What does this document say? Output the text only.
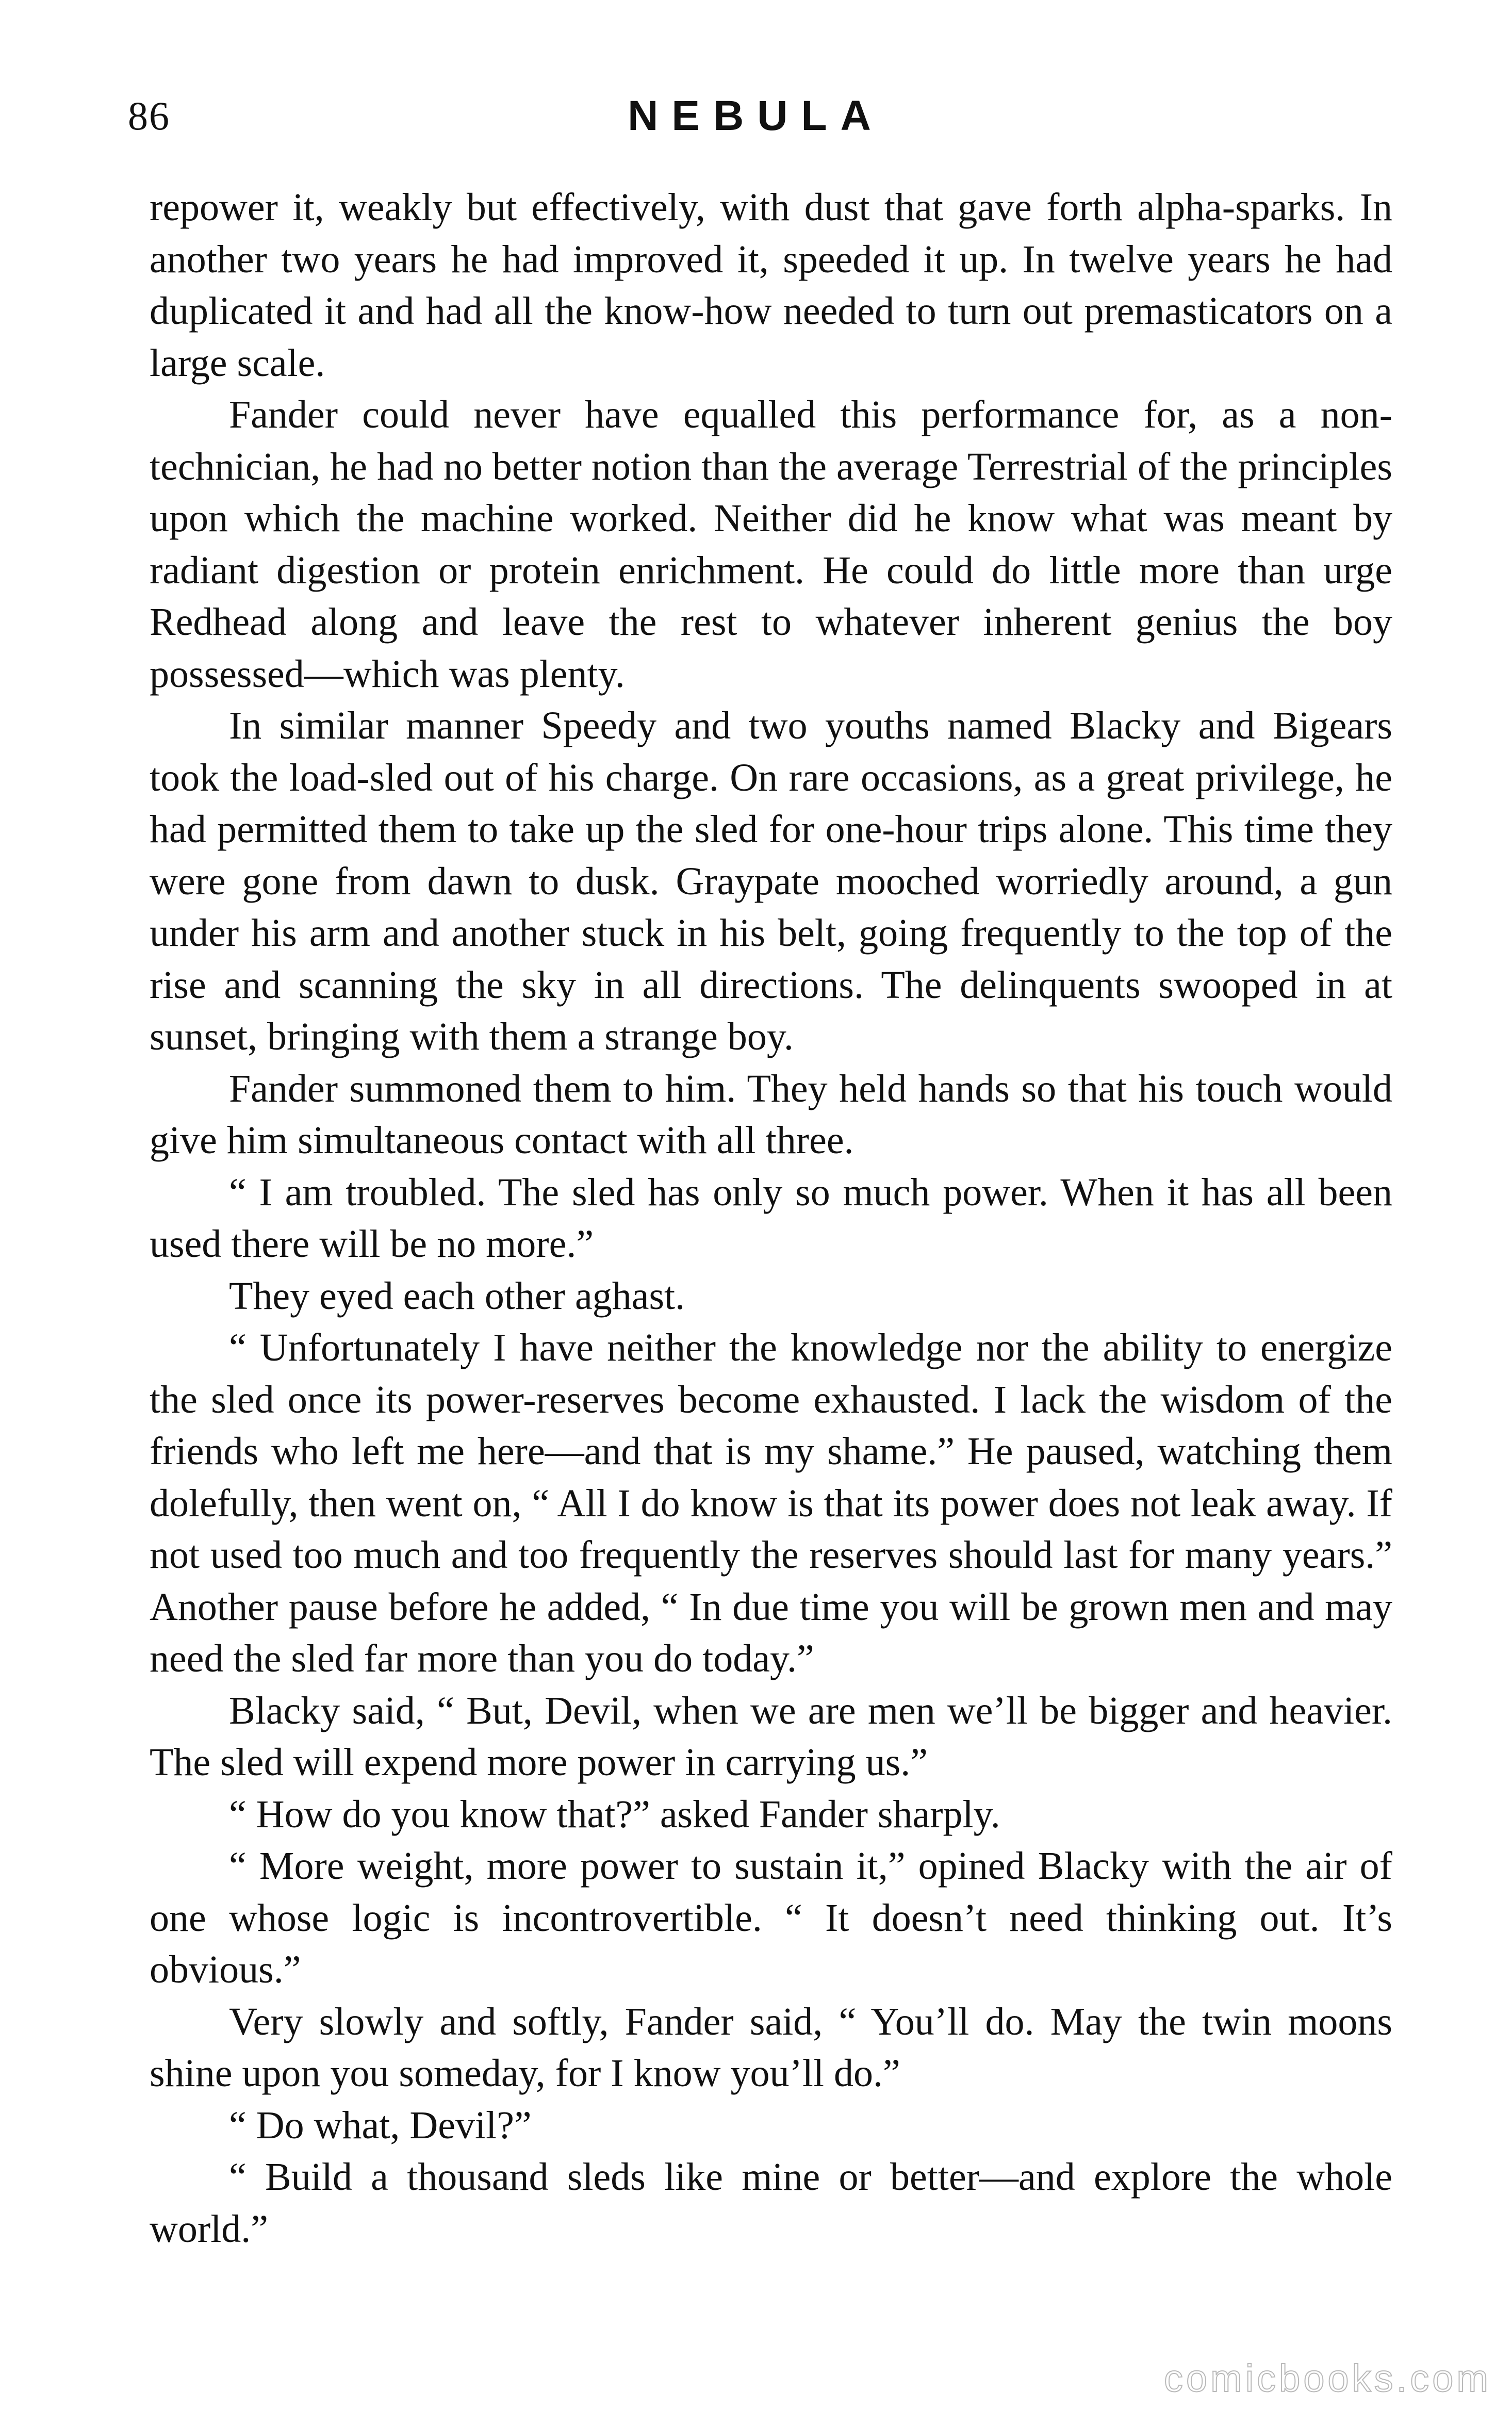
86	NEBULA

repower it, weakly but effectively, with dust that gave forth alpha-sparks. In another two years he had improved it, speeded it up. In twelve years he had duplicated it and had all the know-how needed to turn out premasticators on a large scale.

Fander could never have equalled this performance for, as a non-technician, he had no better notion than the average Terrestrial of the principles upon which the machine worked. Neither did he know what was meant by radiant digestion or protein enrichment. He could do little more than urge Redhead along and leave the rest to whatever inherent genius the boy possessed—which was plenty.

In similar manner Speedy and two youths named Blacky and Bigears took the load-sled out of his charge. On rare occasions, as a great privilege, he had permitted them to take up the sled for one-hour trips alone. This time they were gone from dawn to dusk. Graypate mooched worriedly around, a gun under his arm and another stuck in his belt, going frequently to the top of the rise and scanning the sky in all directions. The delinquents swooped in at sunset, bringing with them a strange boy.

Fander summoned them to him. They held hands so that his touch would give him simultaneous contact with all three.

“ I am troubled. The sled has only so much power. When it has all been used there will be no more.”

They eyed each other aghast.

“ Unfortunately I have neither the knowledge nor the ability to energize the sled once its power-reserves become exhausted. I lack the wisdom of the friends who left me here—and that is my shame.” He paused, watching them dolefully, then went on, “ All I do know is that its power does not leak away. If not used too much and too frequently the reserves should last for many years.” Another pause before he added, “ In due time you will be grown men and may need the sled far more than you do today.”

Blacky said, “ But, Devil, when we are men we’ll be bigger and heavier. The sled will expend more power in carrying us.”

“ How do you know that?” asked Fander sharply.

“ More weight, more power to sustain it,” opined Blacky with the air of one whose logic is incontrovertible. “ It doesn’t need thinking out. It’s obvious.”

Very slowly and softly, Fander said, “ You’ll do. May the twin moons shine upon you someday, for I know you’ll do.”

“ Do what, Devil?”

“ Build a thousand sleds like mine or better—and explore the whole world.”

comicbooks.com
